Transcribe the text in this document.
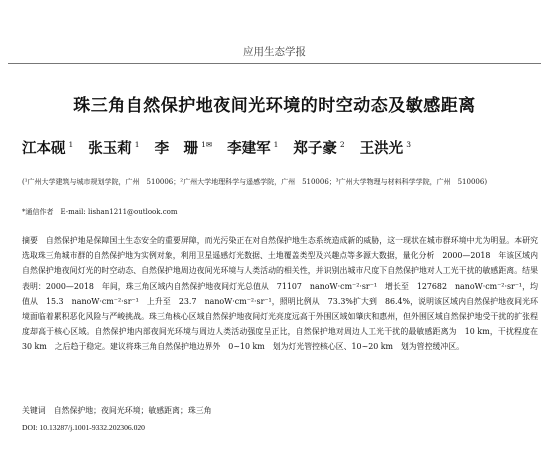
应用生态学报
珠三角自然保护地夜间光环境的时空动态及敏感距离
江本砚 $^1$ 张玉莉 $^1$ 李　珊 $^{1✉}$ 李建军 $^1$ 郑子豪 $^2$ 王洪光 $^3$
(¹广州大学建筑与城市规划学院，广州　510006；²广州大学地理科学与遥感学院，广州　510006；³广州大学物理与材料科学学院，广州　510006)
*通信作者　E-mail: lishan1211@outlook.com
摘要 自然保护地是保障国土生态安全的重要屏障，而光污染正在对自然保护地生态系统造成新的威胁，这一现状在城市群环境中尤为明显。本研究选取珠三角城市群的自然保护地为实例对象，利用卫星遥感灯光数据、土地覆盖类型及兴趣点等多源大数据，量化分析　2000—2018　年该区域内自然保护地夜间灯光的时空动态、自然保护地周边夜间光环境与人类活动的相关性，并识别出城市尺度下自然保护地对人工光干扰的敏感距离。结果表明：2000—2018　年间，珠三角区域内自然保护地夜间灯光总值从　71107　nanoW·cm⁻²·sr⁻¹　增长至　127682　nanoW·cm⁻²·sr⁻¹，均值从　15.3　nanoW·cm⁻²·sr⁻¹　上升至　23.7　nanoW·cm⁻²·sr⁻¹，照明比例从　73.3%扩大到　86.4%，说明该区域内自然保护地夜间光环境面临着累积恶化风险与严峻挑战。珠三角核心区域自然保护地夜间灯光亮度远高于外围区域如肇庆和惠州，但外围区域自然保护地受干扰的扩张程度却高于核心区域。自然保护地内部夜间光环境与周边人类活动强度呈正比，自然保护地对周边人工光干扰的最敏感距离为　10 km，干扰程度在　30 km　之后趋于稳定。建议将珠三角自然保护地边界外　0~10 km　划为灯光管控核心区、10~20 km　划为管控缓冲区。
关键词 自然保护地；夜间光环境；敏感距离；珠三角
DOI: 10.13287/j.1001-9332.202306.020
